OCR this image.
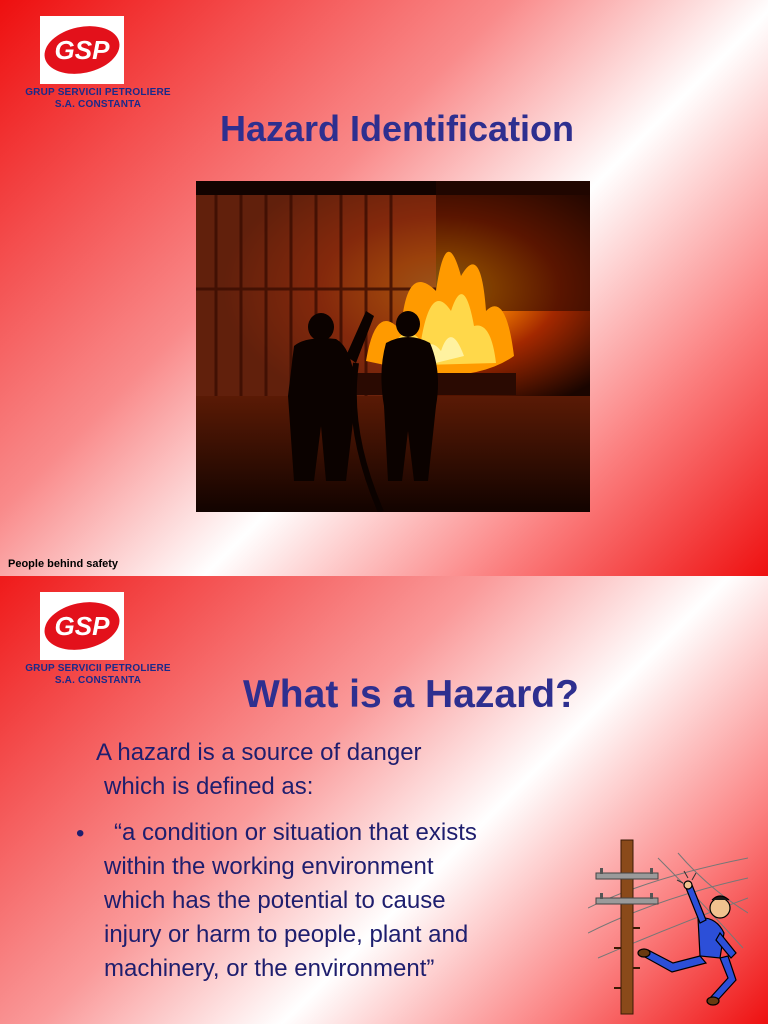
GSP
GRUP SERVICII PETROLIERE
S.A. CONSTANTA
Hazard Identification
People behind safety
GSP
GRUP SERVICII PETROLIERE
S.A. CONSTANTA	What is a Hazard?
A hazard is a source of danger
which is defined as:
•	“a condition or situation that exists
within the working environment
which has the potential to cause
injury or harm to people, plant and
machinery, or the environment”
